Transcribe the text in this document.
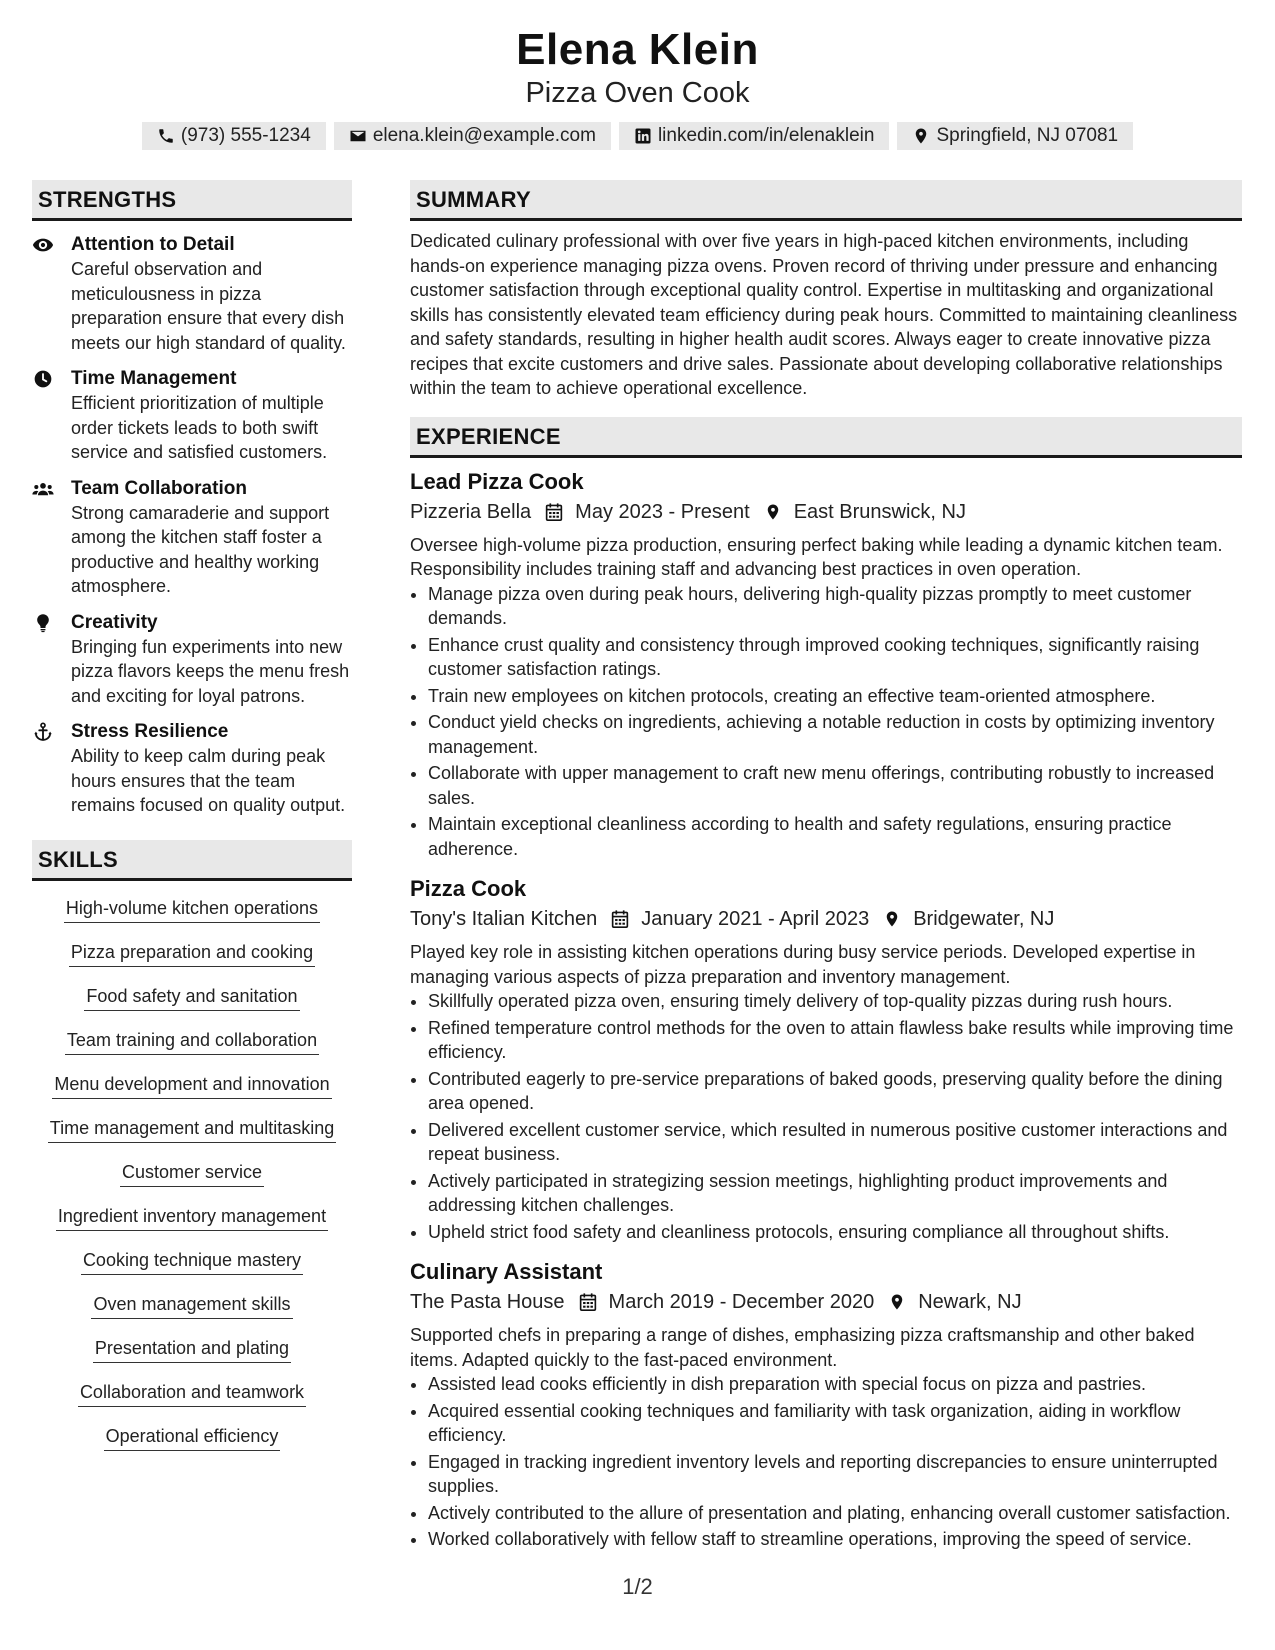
Elena Klein
Pizza Oven Cook
(973) 555-1234	elena.klein@example.com	linkedin.com/in/elenaklein	Springfield, NJ 07081
STRENGTHS
Attention to Detail
Careful observation and meticulousness in pizza preparation ensure that every dish meets our high standard of quality.
Time Management
Efficient prioritization of multiple order tickets leads to both swift service and satisfied customers.
Team Collaboration
Strong camaraderie and support among the kitchen staff foster a productive and healthy working atmosphere.
Creativity
Bringing fun experiments into new pizza flavors keeps the menu fresh and exciting for loyal patrons.
Stress Resilience
Ability to keep calm during peak hours ensures that the team remains focused on quality output.
SKILLS
High-volume kitchen operations
Pizza preparation and cooking
Food safety and sanitation
Team training and collaboration
Menu development and innovation
Time management and multitasking
Customer service
Ingredient inventory management
Cooking technique mastery
Oven management skills
Presentation and plating
Collaboration and teamwork
Operational efficiency
SUMMARY

Dedicated culinary professional with over five years in high-paced kitchen environments, including hands-on experience managing pizza ovens. Proven record of thriving under pressure and enhancing customer satisfaction through exceptional quality control. Expertise in multitasking and organizational skills has consistently elevated team efficiency during peak hours. Committed to maintaining cleanliness and safety standards, resulting in higher health audit scores. Always eager to create innovative pizza recipes that excite customers and drive sales. Passionate about developing collaborative relationships within the team to achieve operational excellence.

EXPERIENCE
Lead Pizza Cook
Pizzeria Bella May 2023 - Present East Brunswick, NJ
Oversee high-volume pizza production, ensuring perfect baking while leading a dynamic kitchen team. Responsibility includes training staff and advancing best practices in oven operation.
• Manage pizza oven during peak hours, delivering high-quality pizzas promptly to meet customer demands.
• Enhance crust quality and consistency through improved cooking techniques, significantly raising customer satisfaction ratings.
• Train new employees on kitchen protocols, creating an effective team-oriented atmosphere.
• Conduct yield checks on ingredients, achieving a notable reduction in costs by optimizing inventory management.
• Collaborate with upper management to craft new menu offerings, contributing robustly to increased sales.
• Maintain exceptional cleanliness according to health and safety regulations, ensuring practice adherence.
Pizza Cook
Tony's Italian Kitchen January 2021 - April 2023 Bridgewater, NJ
Played key role in assisting kitchen operations during busy service periods. Developed expertise in managing various aspects of pizza preparation and inventory management.
• Skillfully operated pizza oven, ensuring timely delivery of top-quality pizzas during rush hours.
• Refined temperature control methods for the oven to attain flawless bake results while improving time efficiency.
• Contributed eagerly to pre-service preparations of baked goods, preserving quality before the dining area opened.
• Delivered excellent customer service, which resulted in numerous positive customer interactions and repeat business.
• Actively participated in strategizing session meetings, highlighting product improvements and addressing kitchen challenges.
• Upheld strict food safety and cleanliness protocols, ensuring compliance all throughout shifts.
Culinary Assistant
The Pasta House March 2019 - December 2020 Newark, NJ
Supported chefs in preparing a range of dishes, emphasizing pizza craftsmanship and other baked items. Adapted quickly to the fast-paced environment.
• Assisted lead cooks efficiently in dish preparation with special focus on pizza and pastries.
• Acquired essential cooking techniques and familiarity with task organization, aiding in workflow efficiency.
• Engaged in tracking ingredient inventory levels and reporting discrepancies to ensure uninterrupted supplies.
• Actively contributed to the allure of presentation and plating, enhancing overall customer satisfaction.
• Worked collaboratively with fellow staff to streamline operations, improving the speed of service.
1/2
